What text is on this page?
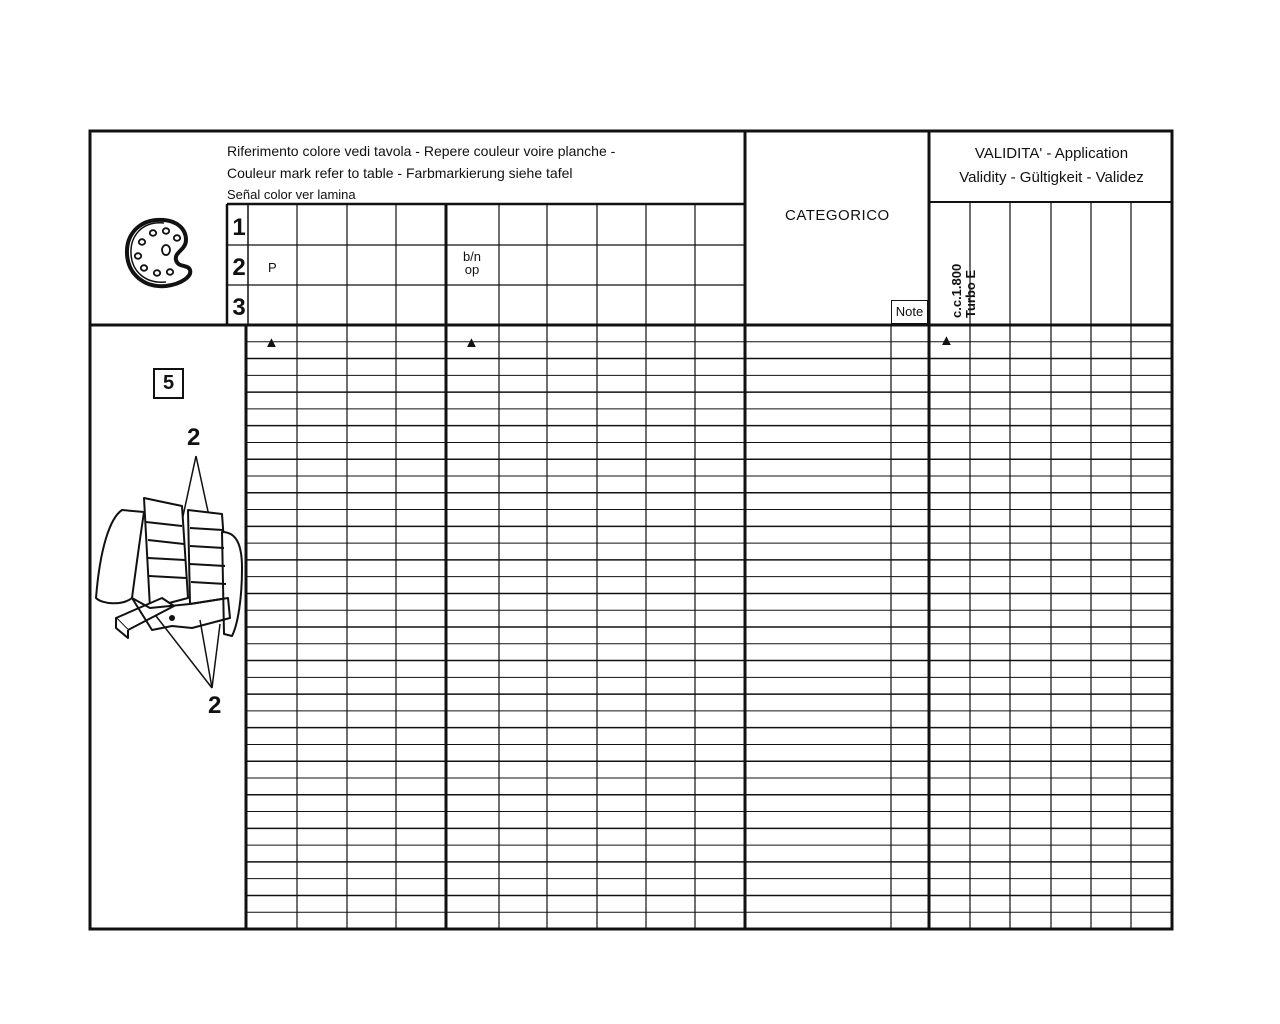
Riferimento colore vedi tavola - Repere couleur voire planche -
Couleur mark refer to table - Farbmarkierung siehe tafel
Señal color ver lamina
1
2
3
P
b/n
op
CATEGORICO
Note
VALIDITA' - Application
Validity - Gültigkeit - Validez
c.c.1.800 Turbo E
5
2
2
▲	▲	▲
